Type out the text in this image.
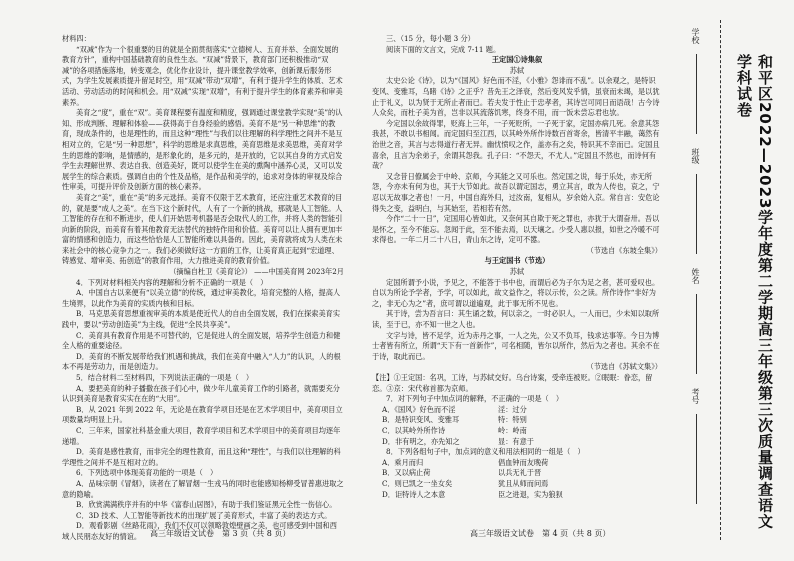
材料四：

“双减”作为一个很重要的目的就是全面贯彻落实“立德树人、五育并举、全面发展的教育方针”，重构中国基础教育的良性生态。“双减”背景下，教育部门还积极推动“双减”的各项措施落地，转变观念，优化作业设计，提升课堂教学效率，创新课后服务形式，为学生发展素质提升留足时空，用“双减”带动“双增”，有利于提升学生的体质、艺术活动、劳动活动的时间和机会。用“双减”实现“双增”，有利于提升学生的体育素养和审美素养。

美育之“度”，重在“双”。美育课程要有温度和精度，强调通过课堂教学实现“美”的认知、形成判断、理解和体验——获得高于自身经验的感悟。美育不是“另一种思维”的教育，现成条件的，也是理性的，而且这种“理性”与我们以往理解的科学理性之间并不是互相对立的，它是“另一种思想”，科学的思维是求真思维，美育思维是求美思维，美育对学生的思维的影响，是情感的，是形象化的，是多元的，是开放的，它以其自身的方式启发学生去理解世界、表达自我、创造美好，既可以使学生在美的熏陶中涵养心灵，又可以发展学生的综合素质。强调自由的个性及品格，是作品和美学的，追求对身体的审视及综合性审美，可提升评价及创新方面的核心素养。

美育之“美”，重在“美”的多元选择。美育不仅限于艺术教育，还应注重艺术教育的目的，就是要“成人之美”。在当下这个新时代，人有了一个新的挑战，那就是人工智能。人工智能的存在和不断进步，使人们开始思考机器是否会取代人的工作，并将人类的智能引向新的阶段，而美育有着其他教育无法替代的独特作用和价值。美育可以让人拥有更加丰富的情感和创造力，而这些恰恰是人工智能所难以具备的。因此，美育就将成为人类在未来社会中的核心竞争力之一。我们必须做好这一方面的工作，让美育真正起到“宏道理、铸感觉、增审美、拓创造”的教育作用，大力推进美育的教育价值。

（摘编自杜卫《美育论》） ——中国美育网 2023年2月

4．下列对材料相关内容的理解和分析不正确的一项是（　）

A．中国自古以来便有“以美立德”的传统，通过审美教化，培育完整的人格，提高人生境界，以此作为美育的实质内核和目标。

B．马克思美育思想重视审美的本质是使近代人的自由全面发展，我们在探索美育实践中，要以“劳动创造美”为主线，促进“全民共享美”。

C．美育具有教育作用是不可替代的，它是促进人的全面发展，培养学生创造力和健全人格的重要途径。

D．美育的不断发展带给我们机遇和挑战，我们在美育中融入“人力”的认识，人的根本不再是劳动力，而是创造力。

5．结合材料二至材料四，下列说法正确的一项是（　）

A．要把美育的种子播撒在孩子们心中，做少年儿童美育工作的引路者，就需要充分认识到美育是教育实实在在的“大用”。

B．从 2021 年到 2022 年，无论是在教育学项目还是在艺术学项目中，美育项目立项数量均明显上升。

C．三年来，国家社科基金重大项目，教育学项目和艺术学项目中的美育项目均逐年递增。

D．美育是感性教育，而非完全的理性教育，而且这种“理性”，与我们以往理解的科学理性之间并不是互相对立的。

6．下列选项中体现美育功能的一项是（　）

A．品味宗朝《冒烟》，读者在了解冒烟一生戎马的同时也能感知杨柳受冒普惠进取之意的隐喻。

B．欣赏满满秩序并有的中华《富春山居图》，有助于我们鉴证黑元全性一伤信心。

C．3D 技术、人工智能等新技术的出现扩展了美育形式，丰富了美的表达方式。

D．观看影剧《丝路花雨》，我们不仅可以领略敦煌壁画之美，也可感受到中国和西域人民朋态友好的情谊。	高三年级语文试卷　第 3 页（共 8 页）

三、（15 分，每小题 3 分）

阅读下面的文言文，完成 7-11 题。

王定国①诗集叙

苏轼

太史公论《诗》，以为“《国风》好色而不淫，《小雅》怨诽而不乱”。以余观之，是特识变风、变雅耳，乌睹《诗》之正乎？昔先王之泽衰，然后变风发乎情，虽衰而未竭，是以犹止于礼义，以为贤于无所止者而已。若夫发于性止于忠孝者，其诗岂可同日而语哉！古今诗人众矣，而杜子美为首，岂非以其流落饥寒，终身不用，而一饭未尝忘君也欤。

今定国以余故得罪，贬海上三年，一子死贬所，一子死于家，定国亦病几死。余意其怨我甚，不敢以书相闻。而定国归至江西，以其岭外所作诗数百首寄余，皆清平丰融，蔼然有治世之音，其言与志得道行者无异。幽忧愤叹之作，盖亦有之矣，特识其不幸而已。定国且喜余，且言为余弟子，余谓其怨我。孔子曰：“不怨天，不尤人。”定国且不然也，而诗何有哉？

又念昔日僚属会于中岭、京师，今其能之又可乐也。然定国之说，每于乐处，亦无所怨，今亦未有何为也，其于大节如此。故吾以谓定国志，勇立其言，敢为人传也，哀之，宁忍以无故事之者也！一月，中国自海外归，过汝南，复相从，岁余始入京。常自言：安危论得失之变，益明白，与其始至，若相若有然。

今作“二十一日”，定国用心皆如此，又奈何其自欺于死之罪也，亦犹于大谓奋卅。吾以是怀之，至今不能忘。忽闻于此，至不能去焉，以天壤之。少受人惠以报，如世之冷暖不可求得也。一年二月二十八日，青山东之诗，定可不嚣。

（节选自《东坡全集》）

与王定国书（节选）

苏轼

定国所谓予小说，予见之，不能答于书中也，而谓后必为子尔为足之者，甚可爱叹也。自以为所论予学者，予学，可以如此，故文益作之，将以示传，公之读。所作诗作“非好为之，非无心为之”者，庶可谓以道遍观，此于事无所不见也。

其于诗，尝为吾言曰：其生诵之数，何以亲之，一时必识人，一人而已，少未知以取所读，至于已，亦不知一世之人也。

文字与诗，皆不足学，近为赤丹之事，一人之先，公又不负耳，钱求达事等。今日为博士者皆有所立，所谓“天下有一首新作”，可名相随，皆尔以所作，然后为之者也。其余不在于诗，取此而已。

（节选自《苏轼文集》）

【注】①王定国：名巩，工诗，与苏轼交好。乌台诗案，受牵连被贬。②眠眠：眷恋，留恋。③京：宋代称首都为京师。

7．对下列句子中加点词的解释，不正确的一项是（　）

A．《国风》好色而不淫	淫：过分
B．是特识变风、变雅耳	特：特别
C．以其岭外所作诗	岭：岭南
D．非有明之，亦先知之	显：有意于

8．下列各组句子中，加点词的意义和用法相同的一组是（　）

A．乘月而归	倡血钟而友晚荷
B．又以病止荷	以兵无礼于晋
C．则已凯之一坐女矣	犹且从师而问焉
D．讵特诗人之本意	臣之进退，实为狼狈
高三年级语文试卷　第 4 页（共 8 页）
和平区2022—2023学年度第二学期高三年级第三次质量调查语文学科试卷
学校
班级
姓名
考号
